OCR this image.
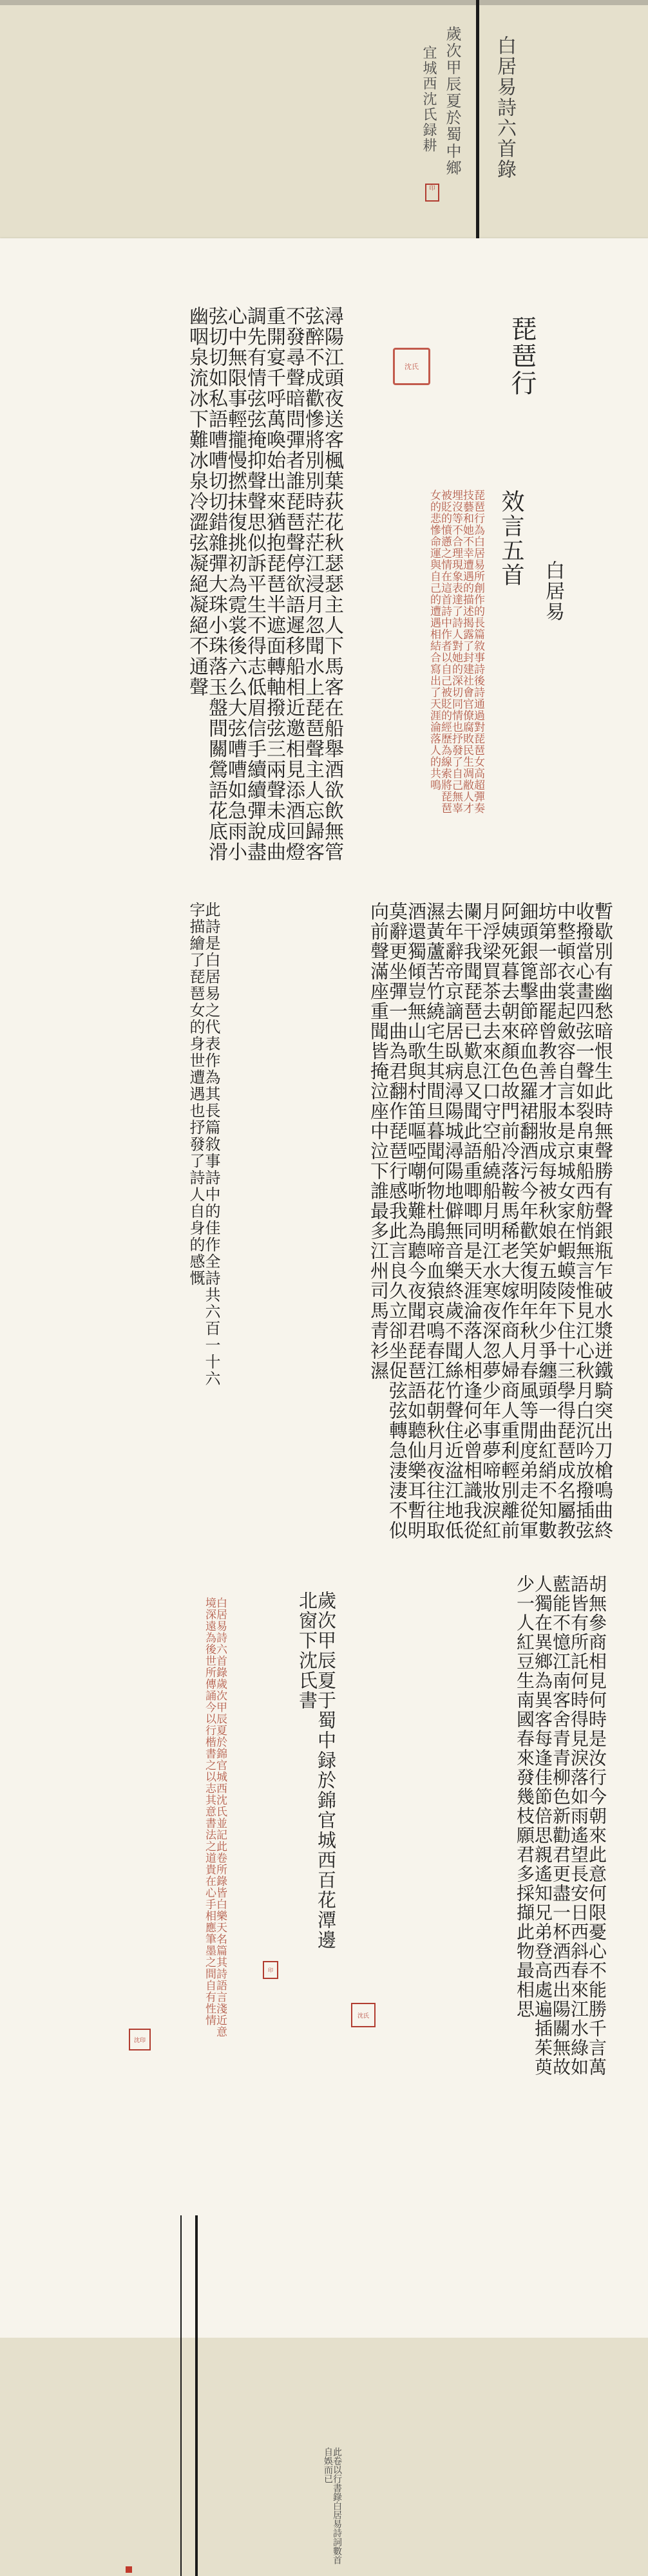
白居易詩六首錄
歲次甲辰夏於蜀中鄉
宜城西沈氏録耕
印
沈氏	琵琶行
效言五首
白居易
琵琶行為白居易所創作的長篇敘事詩後詩通過對琵琶女高超彈奏技藝和她不幸遭遇的描述揭露了封建社會官僚腐敗民生凋敝人才埋沒等不合理現象表達了詩人對她的深切同情也抒發了自己無辜被貶的憤懣之情在這首詩中作者以自己被貶的經歷為線索將琵琶女的悲慘命運與自己的遭遇相結合寫出了天涯淪落人的共鳴
潯陽江頭夜送客楓葉荻花秋瑟瑟主人下馬客在船舉酒欲飲無管弦醉不成歡慘將別別時茫茫江浸月忽聞水上琵琶聲主人忘歸客不發尋聲暗問彈者誰琵琶聲停欲語遲移船相近邀相見添酒回燈重開宴千呼萬喚始出來猶抱琵琶半遮面轉軸撥弦三兩聲未成曲調先有情弦弦掩抑聲聲思似訴平生不得志低眉信手續續彈說盡心中無限事輕攏慢撚抹復挑初為霓裳後六么大弦嘈嘈如急雨小弦切切如私語嘈嘈切切錯雜彈大珠小珠落玉盤間關鶯語花底滑幽咽泉流冰下難冰泉冷澀弦凝絕凝絕不通聲
暫歇別有幽愁暗恨生此時無聲勝有聲銀瓶乍破水漿迸鐵騎突出刀槍鳴曲終收撥當心畫四弦一聲如裂帛東船西舫悄無言惟見江心秋月白沉吟放撥插弦中整頓衣裳起斂容自言本是京城女家在蝦蟆陵下住十三學得琵琶成名屬教坊第一部曲罷曾教善才服妝成每被秋娘妒五陵年少爭纏頭一曲紅綃不知數鈿頭銀篦擊節碎血色羅裙翻酒污今年歡笑復明年秋月春風等閒度弟走從軍阿姨死暮去朝來顏色故門前冷落鞍馬稀老大嫁作商人婦商人重利輕別離前月浮梁買茶去去來江口守空船繞船月明江水寒夜深忽夢少年事夢啼妝淚紅闌干我聞琵琶已歎息又聞此語重唧唧同是天涯淪落人相逢何必曾相識我從去年辭帝京謫居臥病潯陽城潯陽地僻無音樂終歲不聞絲竹聲住近湓江地低濕黃蘆苦竹繞宅生其間旦暮聞何物杜鵑啼血猿哀鳴春江花朝秋月夜往往取酒還獨傾豈無山歌與村笛嘔啞嘲哳難為聽今夜聞君琵琶語如聽仙樂耳暫明莫辭更坐彈一曲為君翻作琵琶行感我此言良久立卻坐促弦弦轉急淒淒不似向前聲滿座重聞皆掩泣座中泣下誰最多江州司馬青衫濕
此詩是白居易之代表作為其長篇敘事詩中的佳作全詩共六百一十六字描繪了琵琶女的身世遭遇也抒發了詩人自身的感慨
胡無參商相見何時是汝行今朝來此意何限憂心不能勝千言萬語皆有所託何時得見淚落如雨遙望長安日西斜春來江水綠如藍能不憶江南客舍青青柳色新勸君更盡一杯酒西出陽關無故人獨在異鄉為異客每逢佳節倍思親遙知兄弟登高處遍插茱萸少一人紅豆生南國春來發幾枝願君多採擷此物最相思
歲次甲辰夏于蜀中録於錦官城西百花潭邊北窗下沈氏書
白居易詩六首錄歲次甲辰夏於錦官城西沈氏並記此卷所錄皆白樂天名篇其詩語言淺近意境深遠為後世所傳誦今以行楷書之以志其意書法之道貴在心手相應筆墨之間自有性情
沈印
印
沈氏
此卷以行書錄白居易詩詞數首自娛而已
